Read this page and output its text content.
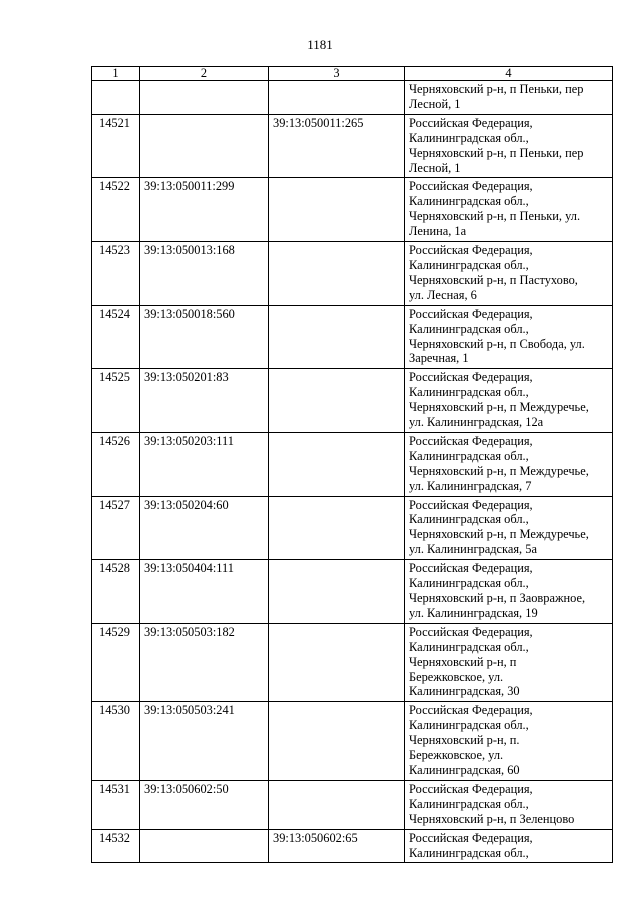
1181
1	2	3	4
			Черняховский р-н, п Пеньки, пер
Лесной, 1
14521		39:13:050011:265	Российская Федерация,
Калининградская обл.,
Черняховский р-н, п Пеньки, пер
Лесной, 1
14522	39:13:050011:299		Российская Федерация,
Калининградская обл.,
Черняховский р-н, п Пеньки, ул.
Ленина, 1а
14523	39:13:050013:168		Российская Федерация,
Калининградская обл.,
Черняховский р-н, п Пастухово,
ул. Лесная, 6
14524	39:13:050018:560		Российская Федерация,
Калининградская обл.,
Черняховский р-н, п Свобода, ул.
Заречная, 1
14525	39:13:050201:83		Российская Федерация,
Калининградская обл.,
Черняховский р-н, п Междуречье,
ул. Калининградская, 12а
14526	39:13:050203:111		Российская Федерация,
Калининградская обл.,
Черняховский р-н, п Междуречье,
ул. Калининградская, 7
14527	39:13:050204:60		Российская Федерация,
Калининградская обл.,
Черняховский р-н, п Междуречье,
ул. Калининградская, 5а
14528	39:13:050404:111		Российская Федерация,
Калининградская обл.,
Черняховский р-н, п Заовражное,
ул. Калининградская, 19
14529	39:13:050503:182		Российская Федерация,
Калининградская обл.,
Черняховский р-н, п
Бережковское, ул.
Калининградская, 30
14530	39:13:050503:241		Российская Федерация,
Калининградская обл.,
Черняховский р-н, п.
Бережковское, ул.
Калининградская, 60
14531	39:13:050602:50		Российская Федерация,
Калининградская обл.,
Черняховский р-н, п Зеленцово
14532		39:13:050602:65	Российская Федерация,
Калининградская обл.,
